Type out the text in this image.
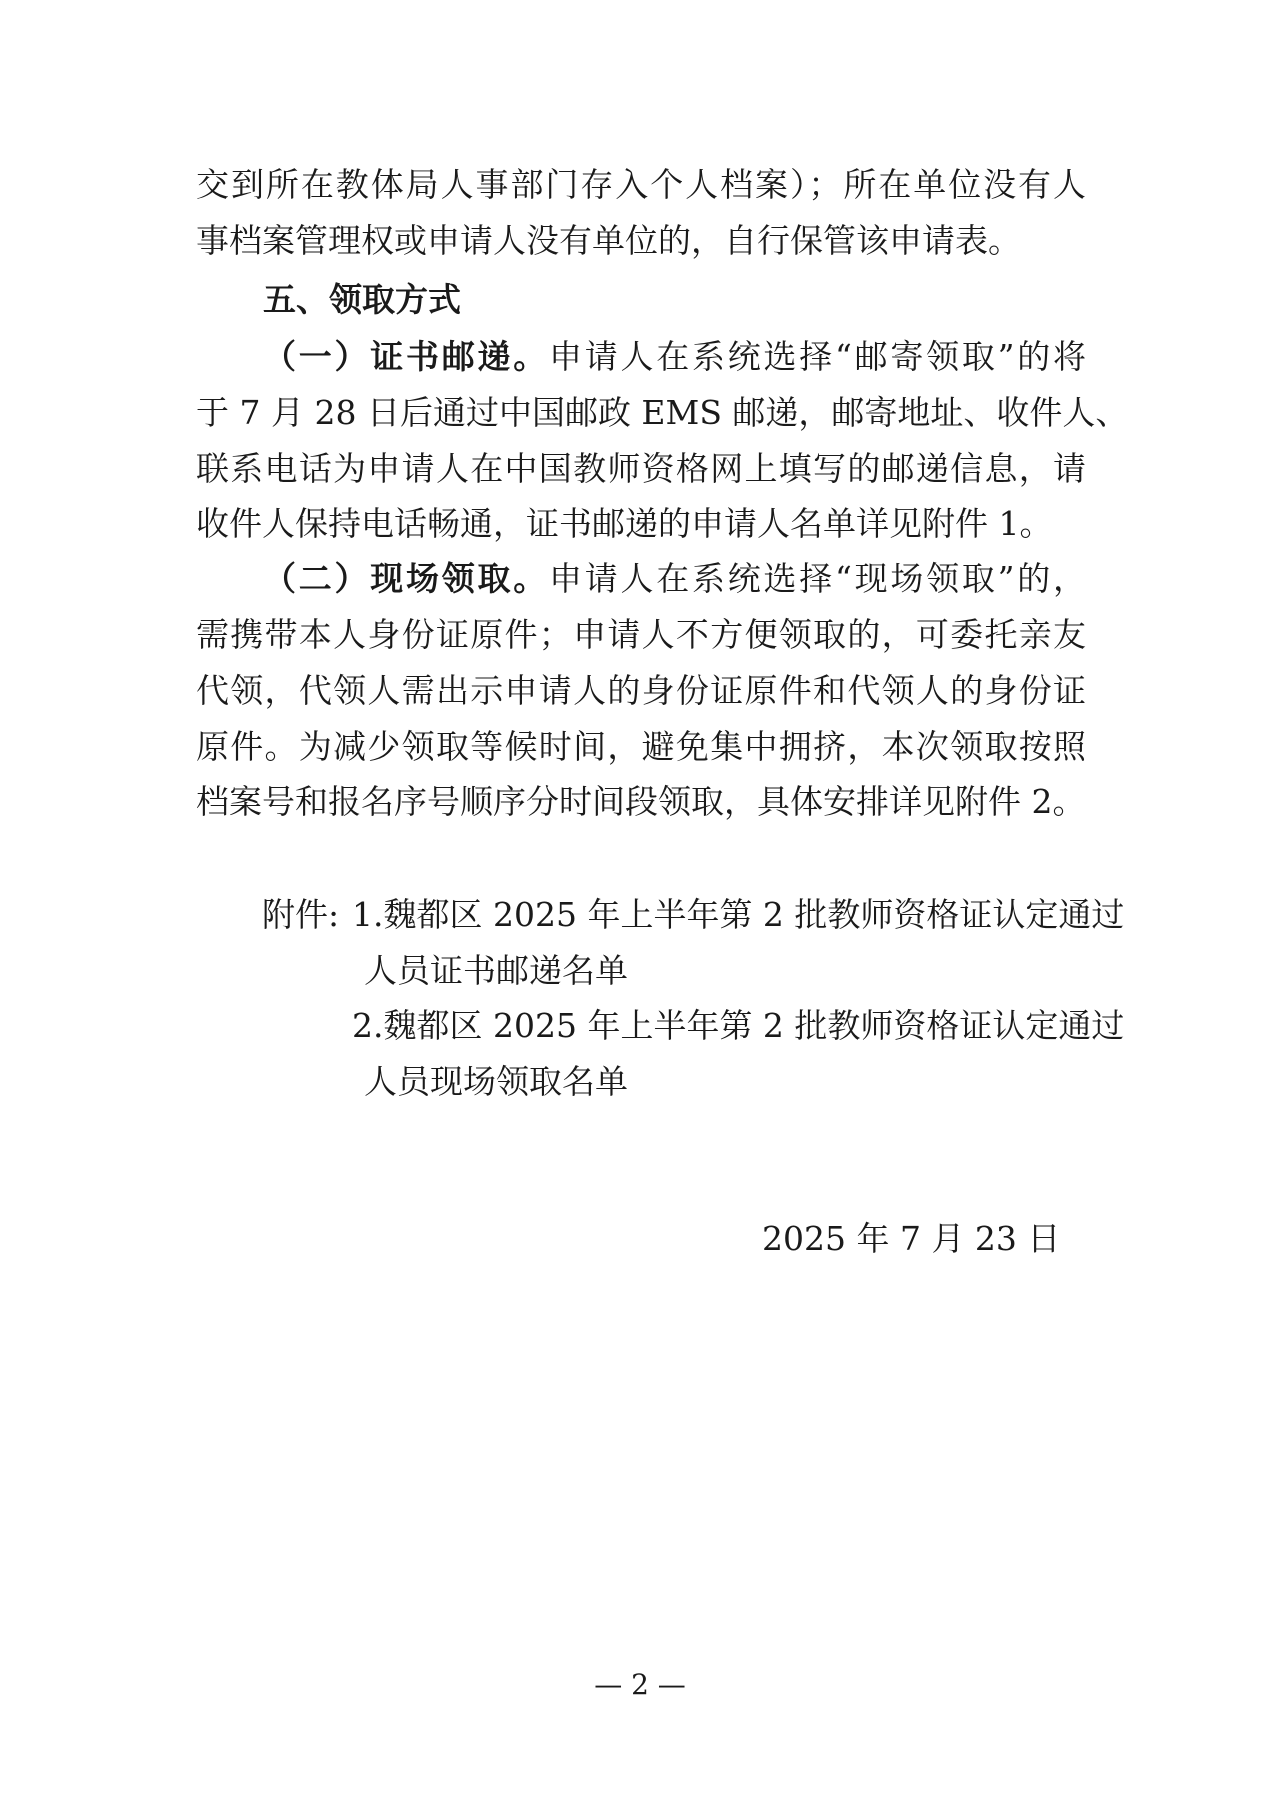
交到所在教体局人事部门存入个人档案）；所在单位没有人
事档案管理权或申请人没有单位的，自行保管该申请表。
五、领取方式
（一）证书邮递。申请人在系统选择“邮寄领取”的将
于 7 月 28 日后通过中国邮政 EMS 邮递，邮寄地址、收件人、
联系电话为申请人在中国教师资格网上填写的邮递信息，请
收件人保持电话畅通，证书邮递的申请人名单详见附件 1。
（二）现场领取。申请人在系统选择“现场领取”的，
需携带本人身份证原件；申请人不方便领取的，可委托亲友
代领，代领人需出示申请人的身份证原件和代领人的身份证
原件。为减少领取等候时间，避免集中拥挤，本次领取按照
档案号和报名序号顺序分时间段领取，具体安排详见附件 2。
附件: 1.魏都区 2025 年上半年第 2 批教师资格证认定通过
人员证书邮递名单
2.魏都区 2025 年上半年第 2 批教师资格证认定通过
人员现场领取名单
2025 年 7 月 23 日
— 2 —
